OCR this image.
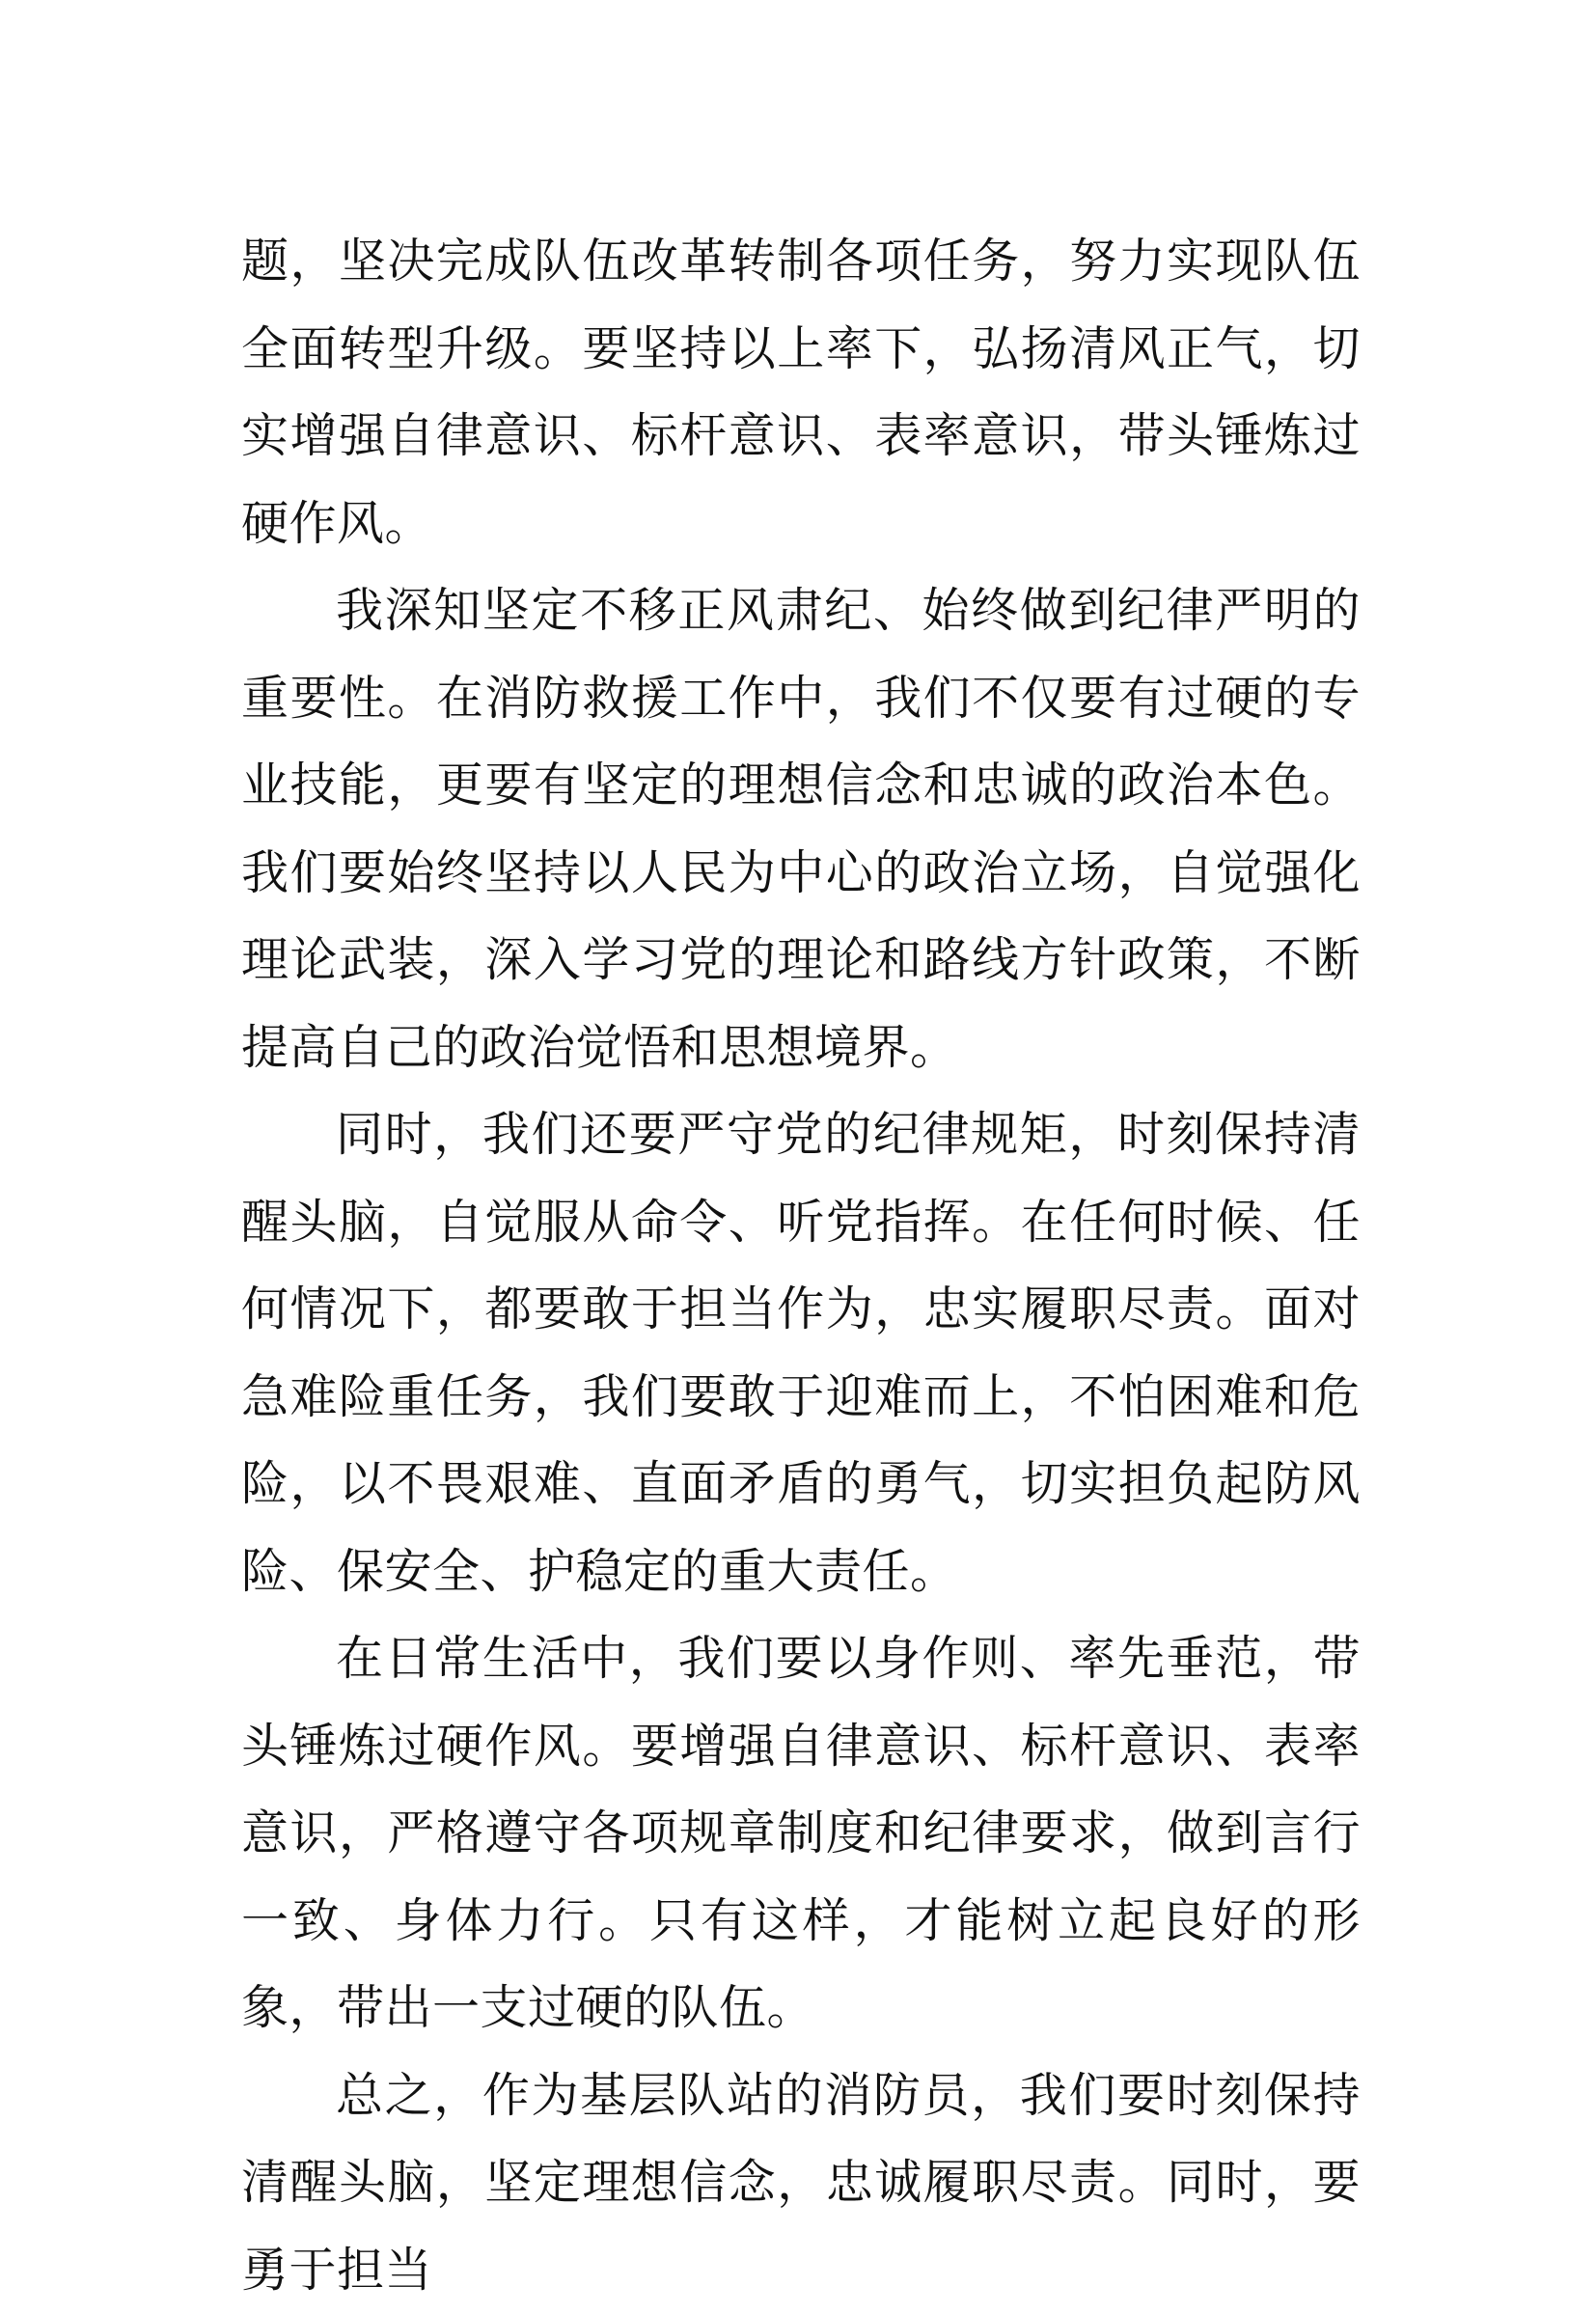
题，坚决完成队伍改革转制各项任务，努力实现队伍全面转型升级。要坚持以上率下，弘扬清风正气，切实增强自律意识、标杆意识、表率意识，带头锤炼过硬作风。

我深知坚定不移正风肃纪、始终做到纪律严明的重要性。在消防救援工作中，我们不仅要有过硬的专业技能，更要有坚定的理想信念和忠诚的政治本色。我们要始终坚持以人民为中心的政治立场，自觉强化理论武装，深入学习党的理论和路线方针政策，不断提高自己的政治觉悟和思想境界。

同时，我们还要严守党的纪律规矩，时刻保持清醒头脑，自觉服从命令、听党指挥。在任何时候、任何情况下，都要敢于担当作为，忠实履职尽责。面对急难险重任务，我们要敢于迎难而上，不怕困难和危险，以不畏艰难、直面矛盾的勇气，切实担负起防风险、保安全、护稳定的重大责任。

在日常生活中，我们要以身作则、率先垂范，带头锤炼过硬作风。要增强自律意识、标杆意识、表率意识，严格遵守各项规章制度和纪律要求，做到言行一致、身体力行。只有这样，才能树立起良好的形象，带出一支过硬的队伍。

总之，作为基层队站的消防员，我们要时刻保持清醒头脑，坚定理想信念，忠诚履职尽责。同时，要勇于担当
